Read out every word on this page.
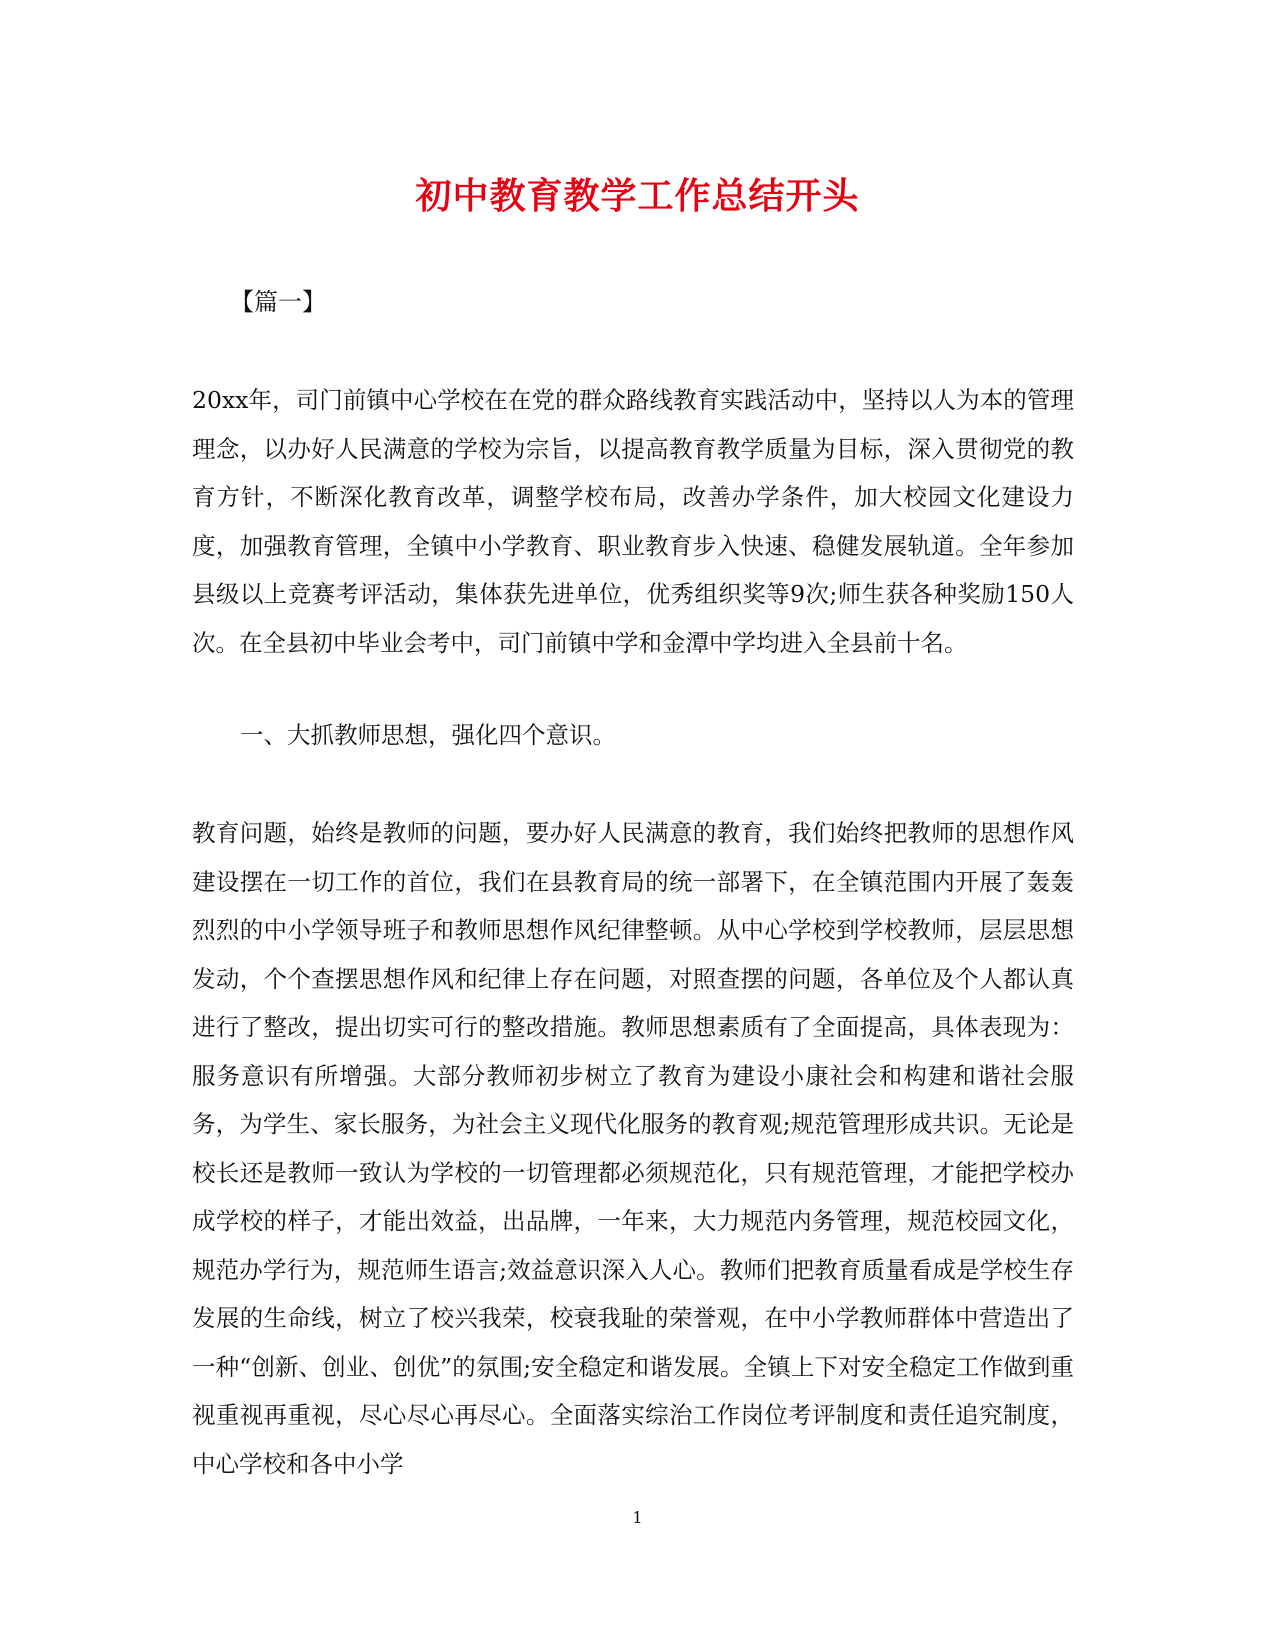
初中教育教学工作总结开头
【篇一】

20xx年，司门前镇中心学校在在党的群众路线教育实践活动中，坚持以人为本的管理理念，以办好人民满意的学校为宗旨，以提高教育教学质量为目标，深入贯彻党的教育方针，不断深化教育改革，调整学校布局，改善办学条件，加大校园文化建设力度，加强教育管理，全镇中小学教育、职业教育步入快速、稳健发展轨道。全年参加县级以上竞赛考评活动，集体获先进单位，优秀组织奖等9次;师生获各种奖励150人次。在全县初中毕业会考中，司门前镇中学和金潭中学均进入全县前十名。

一、大抓教师思想，强化四个意识。

教育问题，始终是教师的问题，要办好人民满意的教育，我们始终把教师的思想作风建设摆在一切工作的首位，我们在县教育局的统一部署下，在全镇范围内开展了轰轰烈烈的中小学领导班子和教师思想作风纪律整顿。从中心学校到学校教师，层层思想发动，个个查摆思想作风和纪律上存在问题，对照查摆的问题，各单位及个人都认真进行了整改，提出切实可行的整改措施。教师思想素质有了全面提高，具体表现为：服务意识有所增强。大部分教师初步树立了教育为建设小康社会和构建和谐社会服务，为学生、家长服务，为社会主义现代化服务的教育观;规范管理形成共识。无论是校长还是教师一致认为学校的一切管理都必须规范化，只有规范管理，才能把学校办成学校的样子，才能出效益，出品牌，一年来，大力规范内务管理，规范校园文化，规范办学行为，规范师生语言;效益意识深入人心。教师们把教育质量看成是学校生存发展的生命线，树立了校兴我荣，校衰我耻的荣誉观，在中小学教师群体中营造出了一种“创新、创业、创优”的氛围;安全稳定和谐发展。全镇上下对安全稳定工作做到重视重视再重视，尽心尽心再尽心。全面落实综治工作岗位考评制度和责任追究制度，中心学校和各中小学

1
